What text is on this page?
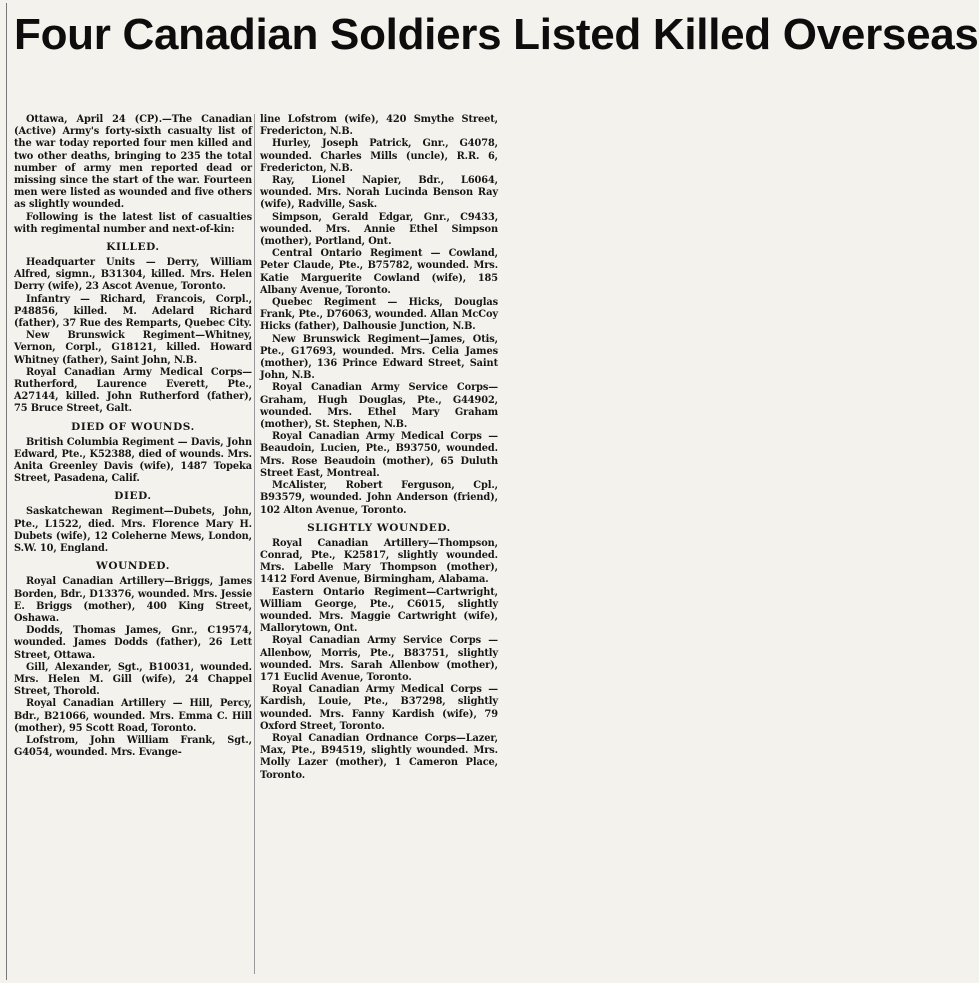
Four Canadian Soldiers Listed Killed Overseas

Ottawa, April 24 (CP).—The Canadian (Active) Army's forty-sixth casualty list of the war today reported four men killed and two other deaths, bringing to 235 the total number of army men reported dead or missing since the start of the war. Fourteen men were listed as wounded and five others as slightly wounded.

Following is the latest list of casualties with regimental number and next-of-kin:

KILLED.

Headquarter Units — Derry, William Alfred, sigmn., B31304, killed. Mrs. Helen Derry (wife), 23 Ascot Avenue, Toronto.

Infantry — Richard, Francois, Corpl., P48856, killed. M. Adelard Richard (father), 37 Rue des Remparts, Quebec City.

New Brunswick Regiment—Whitney, Vernon, Corpl., G18121, killed. Howard Whitney (father), Saint John, N.B.

Royal Canadian Army Medical Corps—Rutherford, Laurence Everett, Pte., A27144, killed. John Rutherford (father), 75 Bruce Street, Galt.

DIED OF WOUNDS.

British Columbia Regiment — Davis, John Edward, Pte., K52388, died of wounds. Mrs. Anita Greenley Davis (wife), 1487 Topeka Street, Pasadena, Calif.

DIED.

Saskatchewan Regiment—Dubets, John, Pte., L1522, died. Mrs. Florence Mary H. Dubets (wife), 12 Coleherne Mews, London, S.W. 10, England.

WOUNDED.

Royal Canadian Artillery—Briggs, James Borden, Bdr., D13376, wounded. Mrs. Jessie E. Briggs (mother), 400 King Street, Oshawa.

Dodds, Thomas James, Gnr., C19574, wounded. James Dodds (father), 26 Lett Street, Ottawa.

Gill, Alexander, Sgt., B10031, wounded. Mrs. Helen M. Gill (wife), 24 Chappel Street, Thorold.

Royal Canadian Artillery — Hill, Percy, Bdr., B21066, wounded. Mrs. Emma C. Hill (mother), 95 Scott Road, Toronto.

Lofstrom, John William Frank, Sgt., G4054, wounded. Mrs. Evange-

line Lofstrom (wife), 420 Smythe Street, Fredericton, N.B.

Hurley, Joseph Patrick, Gnr., G4078, wounded. Charles Mills (uncle), R.R. 6, Fredericton, N.B.

Ray, Lionel Napier, Bdr., L6064, wounded. Mrs. Norah Lucinda Benson Ray (wife), Radville, Sask.

Simpson, Gerald Edgar, Gnr., C9433, wounded. Mrs. Annie Ethel Simpson (mother), Portland, Ont.

Central Ontario Regiment — Cowland, Peter Claude, Pte., B75782, wounded. Mrs. Katie Marguerite Cowland (wife), 185 Albany Avenue, Toronto.

Quebec Regiment — Hicks, Douglas Frank, Pte., D76063, wounded. Allan McCoy Hicks (father), Dalhousie Junction, N.B.

New Brunswick Regiment—James, Otis, Pte., G17693, wounded. Mrs. Celia James (mother), 136 Prince Edward Street, Saint John, N.B.

Royal Canadian Army Service Corps—Graham, Hugh Douglas, Pte., G44902, wounded. Mrs. Ethel Mary Graham (mother), St. Stephen, N.B.

Royal Canadian Army Medical Corps — Beaudoin, Lucien, Pte., B93750, wounded. Mrs. Rose Beaudoin (mother), 65 Duluth Street East, Montreal.

McAlister, Robert Ferguson, Cpl., B93579, wounded. John Anderson (friend), 102 Alton Avenue, Toronto.

SLIGHTLY WOUNDED.

Royal Canadian Artillery—Thompson, Conrad, Pte., K25817, slightly wounded. Mrs. Labelle Mary Thompson (mother), 1412 Ford Avenue, Birmingham, Alabama.

Eastern Ontario Regiment—Cartwright, William George, Pte., C6015, slightly wounded. Mrs. Maggie Cartwright (wife), Mallorytown, Ont.

Royal Canadian Army Service Corps — Allenbow, Morris, Pte., B83751, slightly wounded. Mrs. Sarah Allenbow (mother), 171 Euclid Avenue, Toronto.

Royal Canadian Army Medical Corps — Kardish, Louie, Pte., B37298, slightly wounded. Mrs. Fanny Kardish (wife), 79 Oxford Street, Toronto.

Royal Canadian Ordnance Corps—Lazer, Max, Pte., B94519, slightly wounded. Mrs. Molly Lazer (mother), 1 Cameron Place, Toronto.
